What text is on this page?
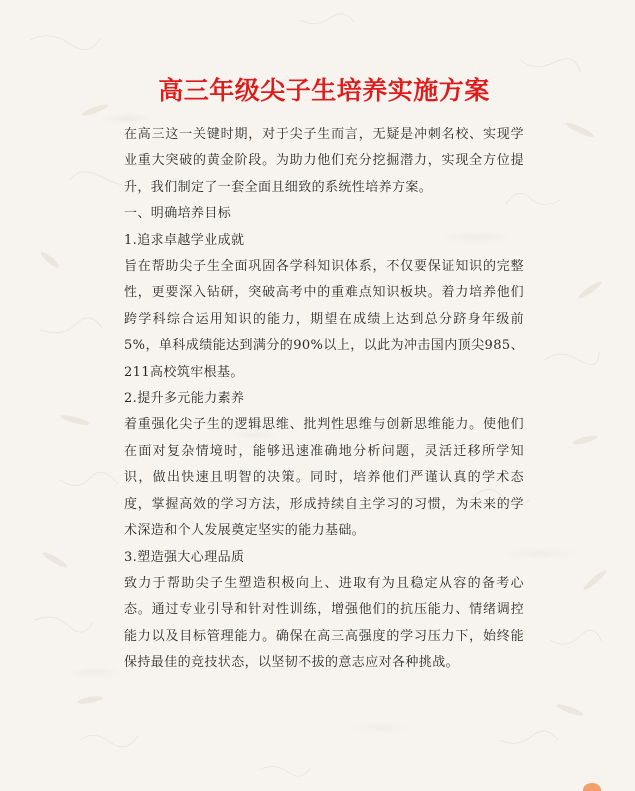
高三年级尖子生培养实施方案

在高三这一关键时期，对于尖子生而言，无疑是冲刺名校、实现学业重大突破的黄金阶段。为助力他们充分挖掘潜力，实现全方位提升，我们制定了一套全面且细致的系统性培养方案。

一、明确培养目标

1.追求卓越学业成就

旨在帮助尖子生全面巩固各学科知识体系，不仅要保证知识的完整性，更要深入钻研，突破高考中的重难点知识板块。着力培养他们跨学科综合运用知识的能力，期望在成绩上达到总分跻身年级前5%，单科成绩能达到满分的90%以上，以此为冲击国内顶尖985、211高校筑牢根基。

2.提升多元能力素养

着重强化尖子生的逻辑思维、批判性思维与创新思维能力。使他们在面对复杂情境时，能够迅速准确地分析问题，灵活迁移所学知识，做出快速且明智的决策。同时，培养他们严谨认真的学术态度，掌握高效的学习方法，形成持续自主学习的习惯，为未来的学术深造和个人发展奠定坚实的能力基础。

3.塑造强大心理品质

致力于帮助尖子生塑造积极向上、进取有为且稳定从容的备考心态。通过专业引导和针对性训练，增强他们的抗压能力、情绪调控能力以及目标管理能力。确保在高三高强度的学习压力下，始终能保持最佳的竞技状态，以坚韧不拔的意志应对各种挑战。
